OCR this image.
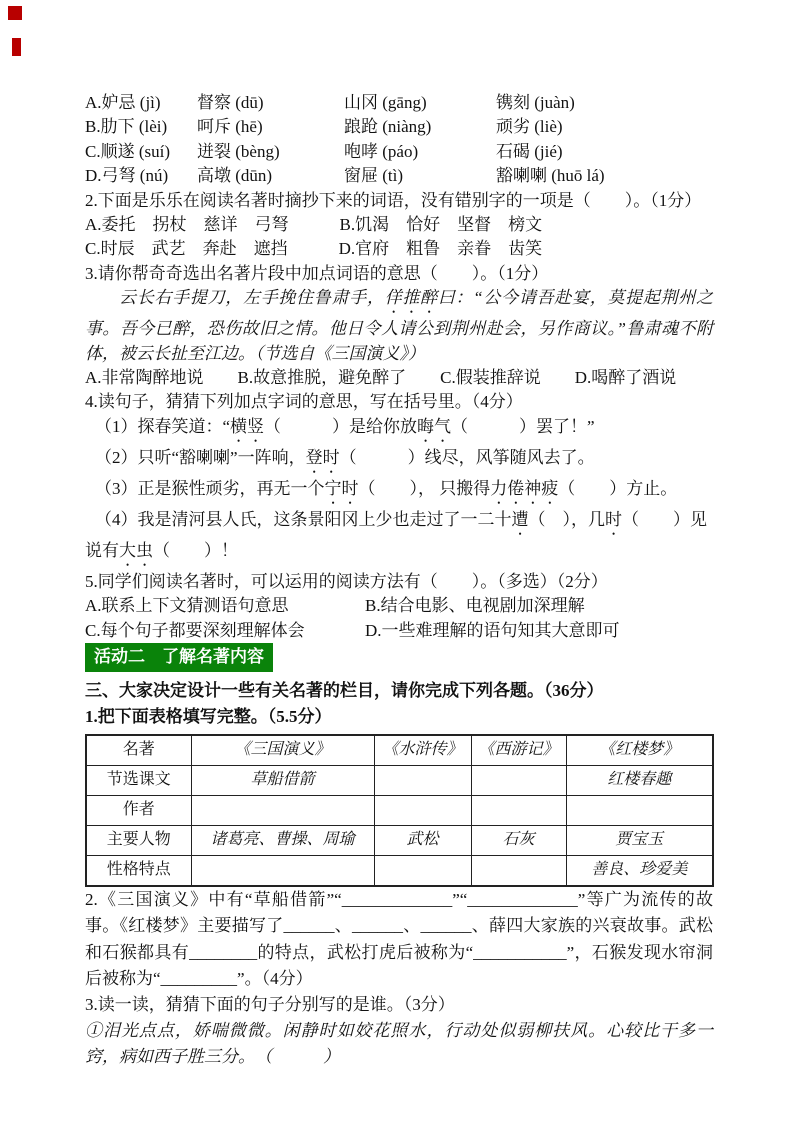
A.妒忌 (jì)	督察 (dū)	山冈 (gāng)	镌刻 (juàn)
B.肋下 (lèi)	呵斥 (hē)	踉跄 (niàng)	顽劣 (liè)
C.顺遂 (suí)	迸裂 (bèng)	咆哮 (páo)	石碣 (jié)
D.弓弩 (nú)	高墩 (dūn)	窗屉 (tì)	豁喇喇 (huō lá)

2.下面是乐乐在阅读名著时摘抄下来的词语，没有错别字的一项是（　　）。（1分）

A.委托　拐杖　慈详　弓弩　　　B.饥渴　恰好　坚督　榜文

C.时辰　武艺　奔赴　遮挡　　　D.官府　粗鲁　亲眷　齿笑

3.请你帮奇奇选出名著片段中加点词语的意思（　　）。（1分）

云长右手提刀，左手挽住鲁肃手，佯推醉曰：“公今请吾赴宴，莫提起荆州之事。吾今已醉，恐伤故旧之情。他日令人请公到荆州赴会，另作商议。”鲁肃魂不附体，被云长扯至江边。（节选自《三国演义》）

A.非常陶醉地说　　B.故意推脱，避免醉了　　C.假装推辞说　　D.喝醉了酒说

4.读句子，猜猜下列加点字词的意思，写在括号里。（4分）

（1）探春笑道：“横竖（　　　）是给你放晦气（　　　）罢了！”

（2）只听“豁喇喇”一阵响，登时（　　　）线尽，风筝随风去了。

（3）正是猴性顽劣，再无一个宁时（　　）， 只搬得力倦神疲（　　）方止。

（4）我是清河县人氏，这条景阳冈上少也走过了一二十遭（　），几时（　　）见说有大虫（　　）！

5.同学们阅读名著时，可以运用的阅读方法有（　　）。（多选）（2分）

A.联系上下文猜测语句意思	B.结合电影、电视剧加深理解
C.每个句子都要深刻理解体会	D.一些难理解的语句知其大意即可
活动二　了解名著内容

三、大家决定设计一些有关名著的栏目，请你完成下列各题。（36分）

1.把下面表格填写完整。（5.5分）

名著	《三国演义》	《水浒传》	《西游记》	《红楼梦》
节选课文	草船借箭			红楼春趣
作者				
主要人物	诸葛亮、曹操、周瑜	武松	石灰	贾宝玉
性格特点				善良、珍爱美

2.《三国演义》中有“草船借箭”“_____________”“_____________”等广为流传的故事。《红楼梦》主要描写了______、______、______、薛四大家族的兴衰故事。武松和石猴都具有________的特点，武松打虎后被称为“___________”，石猴发现水帘洞后被称为“_________”。（4分）

3.读一读，猜猜下面的句子分别写的是谁。（3分）

①泪光点点，娇喘微微。闲静时如姣花照水，行动处似弱柳扶风。心较比干多一窍，病如西子胜三分。　（　　　）
